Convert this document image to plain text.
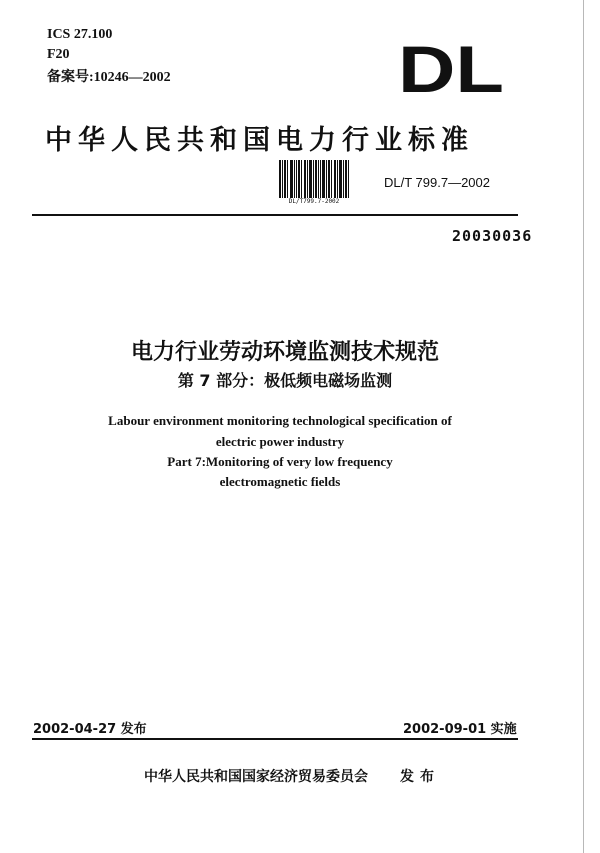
ICS 27.100
F20
备案号:10246—2002	DL
中华人民共和国电力行业标准
DL/T799.7-2002
DL/T 799.7—2002
20030036
电力行业劳动环境监测技术规范
第 7 部分：极低频电磁场监测
Labour environment monitoring technological specification of
electric power industry
Part 7:Monitoring of very low frequency
electromagnetic fields
2002-04-27 发布	2002-09-01 实施
中华人民共和国国家经济贸易委员会 发布
